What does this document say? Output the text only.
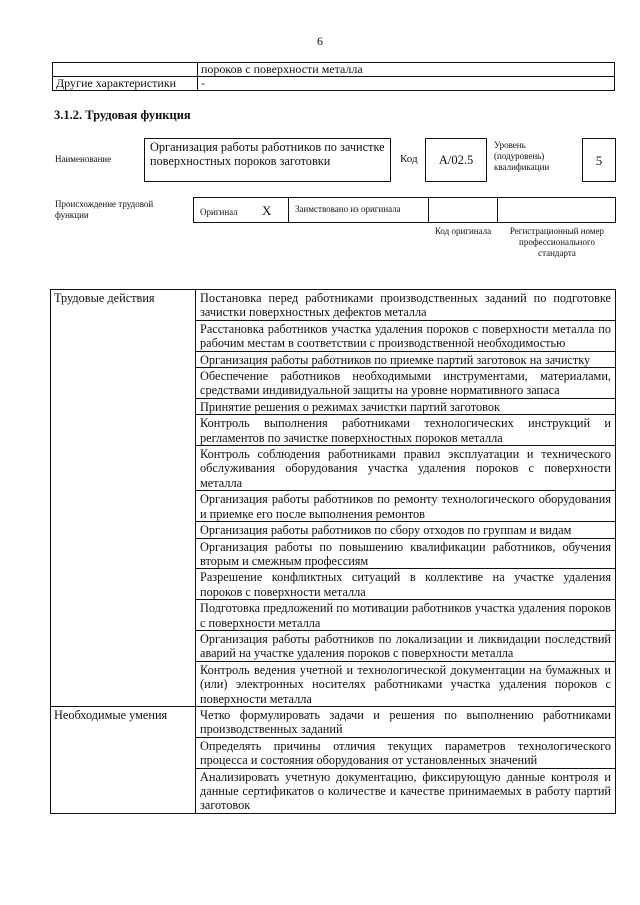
6
	пороков с поверхности металла
Другие характеристики	-
3.1.2. Трудовая функция
Наименование
Организация работы работников по зачистке поверхностных пороков заготовки	Код	A/02.5
Уровень (подуровень) квалификации	5
Происхождение трудовой функции	Оригинал X	Заимствовано из оригинала
Код оригинала	Регистрационный номер профессионального стандарта
Трудовые действия	Постановка перед работниками производственных заданий по подготовке зачистки поверхностных дефектов металла
	Расстановка работников участка удаления пороков с поверхности металла по рабочим местам в соответствии с производственной необходимостью
	Организация работы работников по приемке партий заготовок на зачистку
	Обеспечение работников необходимыми инструментами, материалами, средствами индивидуальной защиты на уровне нормативного запаса
	Принятие решения о режимах зачистки партий заготовок
	Контроль выполнения работниками технологических инструкций и регламентов по зачистке поверхностных пороков металла
	Контроль соблюдения работниками правил эксплуатации и технического обслуживания оборудования участка удаления пороков с поверхности металла
	Организация работы работников по ремонту технологического оборудования и приемке его после выполнения ремонтов
	Организация работы работников по сбору отходов по группам и видам
	Организация работы по повышению квалификации работников, обучения вторым и смежным профессиям
	Разрешение конфликтных ситуаций в коллективе на участке удаления пороков с поверхности металла
	Подготовка предложений по мотивации работников участка удаления пороков с поверхности металла
	Организация работы работников по локализации и ликвидации последствий аварий на участке удаления пороков с поверхности металла
	Контроль ведения учетной и технологической документации на бумажных и (или) электронных носителях работниками участка удаления пороков с поверхности металла
Необходимые умения	Четко формулировать задачи и решения по выполнению работниками производственных заданий
	Определять причины отличия текущих параметров технологического процесса и состояния оборудования от установленных значений
	Анализировать учетную документацию, фиксирующую данные контроля и данные сертификатов о количестве и качестве принимаемых в работу партий заготовок
